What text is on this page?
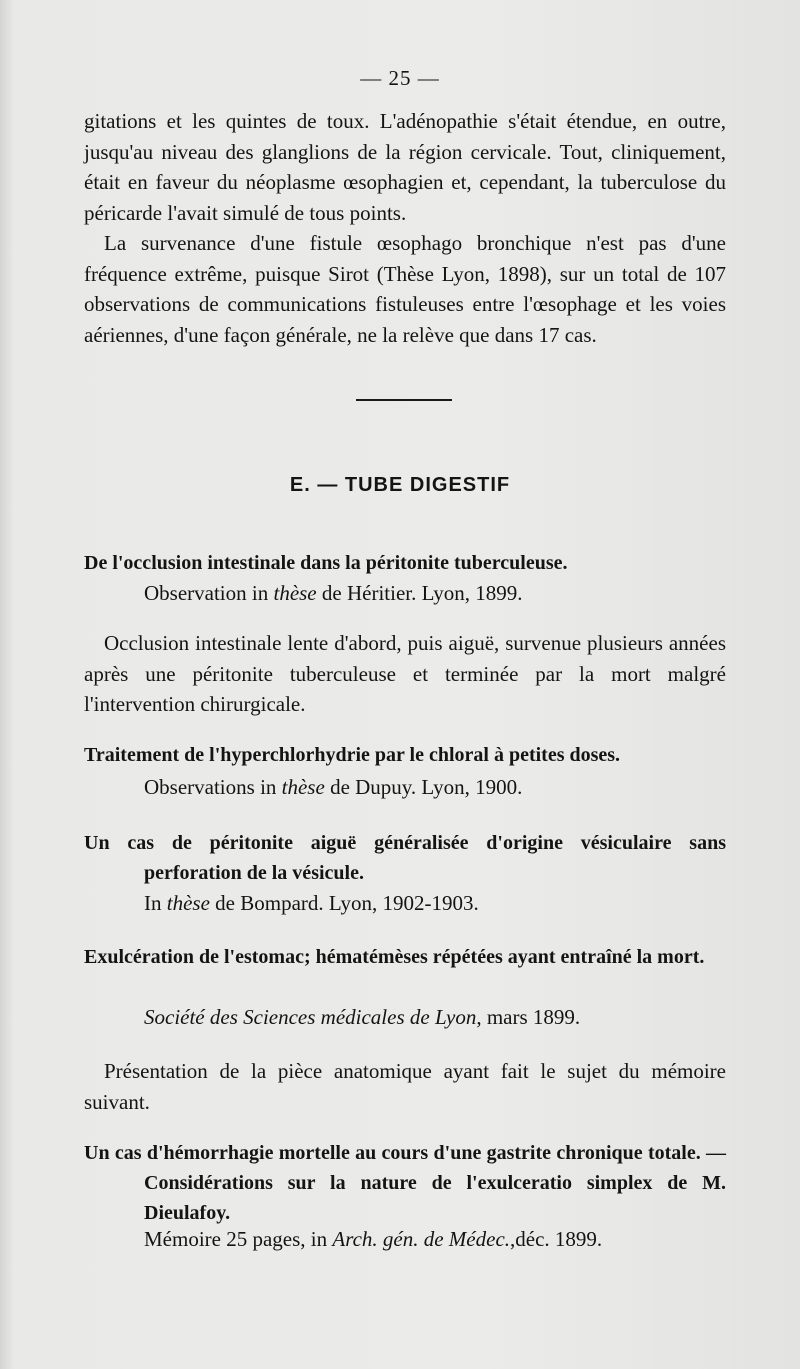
— 25 —

gitations et les quintes de toux. L'adénopathie s'était étendue, en outre, jusqu'au niveau des glanglions de la région cervicale. Tout, cliniquement, était en faveur du néoplasme œsophagien et, cependant, la tuberculose du péricarde l'avait simulé de tous points.

La survenance d'une fistule œsophago bronchique n'est pas d'une fréquence extrême, puisque Sirot (Thèse Lyon, 1898), sur un total de 107 observations de communications fistuleuses entre l'œsophage et les voies aériennes, d'une façon générale, ne la relève que dans 17 cas.

E. — TUBE DIGESTIF
De l'occlusion intestinale dans la péritonite tuberculeuse.
Observation in thèse de Héritier. Lyon, 1899.

Occlusion intestinale lente d'abord, puis aiguë, survenue plusieurs années après une péritonite tuberculeuse et terminée par la mort malgré l'intervention chirurgicale.

Traitement de l'hyperchlorhydrie par le chloral à petites doses.
Observations in thèse de Dupuy. Lyon, 1900.
Un cas de péritonite aiguë généralisée d'origine vésiculaire sans perforation de la vésicule.
In thèse de Bompard. Lyon, 1902-1903.
Exulcération de l'estomac; hématémèses répétées ayant entraîné la mort.
Société des Sciences médicales de Lyon, mars 1899.

Présentation de la pièce anatomique ayant fait le sujet du mémoire suivant.

Un cas d'hémorrhagie mortelle au cours d'une gastrite chronique totale. — Considérations sur la nature de l'exulceratio simplex de M. Dieulafoy.
Mémoire 25 pages, in Arch. gén. de Médec.,déc. 1899.
